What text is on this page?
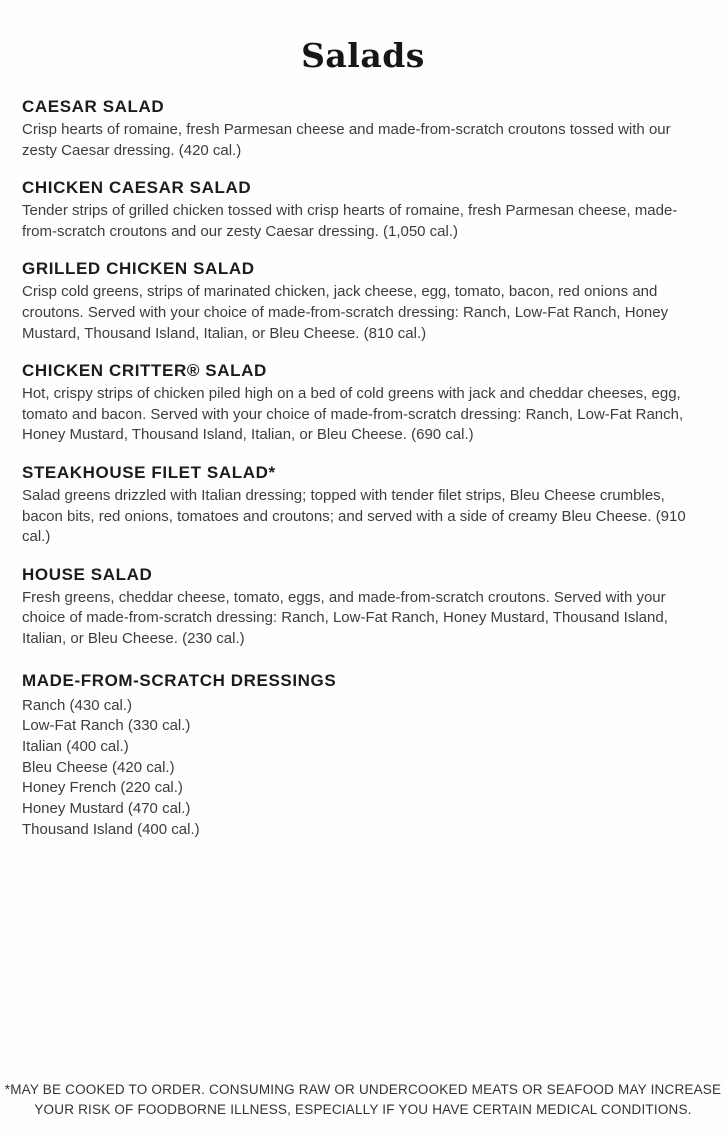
Salads
CAESAR SALAD
Crisp hearts of romaine, fresh Parmesan cheese and made-from-scratch croutons tossed with our zesty Caesar dressing. (420 cal.)
CHICKEN CAESAR SALAD
Tender strips of grilled chicken tossed with crisp hearts of romaine, fresh Parmesan cheese, made-from-scratch croutons and our zesty Caesar dressing. (1,050 cal.)
GRILLED CHICKEN SALAD
Crisp cold greens, strips of marinated chicken, jack cheese, egg, tomato, bacon, red onions and croutons. Served with your choice of made-from-scratch dressing: Ranch, Low-Fat Ranch, Honey Mustard, Thousand Island, Italian, or Bleu Cheese. (810 cal.)
CHICKEN CRITTER® SALAD
Hot, crispy strips of chicken piled high on a bed of cold greens with jack and cheddar cheeses, egg, tomato and bacon. Served with your choice of made-from-scratch dressing: Ranch, Low-Fat Ranch, Honey Mustard, Thousand Island, Italian, or Bleu Cheese. (690 cal.)
STEAKHOUSE FILET SALAD*
Salad greens drizzled with Italian dressing; topped with tender filet strips, Bleu Cheese crumbles, bacon bits, red onions, tomatoes and croutons; and served with a side of creamy Bleu Cheese. (910 cal.)
HOUSE SALAD
Fresh greens, cheddar cheese, tomato, eggs, and made-from-scratch croutons. Served with your choice of made-from-scratch dressing: Ranch, Low-Fat Ranch, Honey Mustard, Thousand Island, Italian, or Bleu Cheese. (230 cal.)
MADE-FROM-SCRATCH DRESSINGS
Ranch (430 cal.)
Low-Fat Ranch (330 cal.)
Italian (400 cal.)
Bleu Cheese (420 cal.)
Honey French (220 cal.)
Honey Mustard (470 cal.)
Thousand Island (400 cal.)
*MAY BE COOKED TO ORDER. CONSUMING RAW OR UNDERCOOKED MEATS OR SEAFOOD MAY INCREASE
YOUR RISK OF FOODBORNE ILLNESS, ESPECIALLY IF YOU HAVE CERTAIN MEDICAL CONDITIONS.
